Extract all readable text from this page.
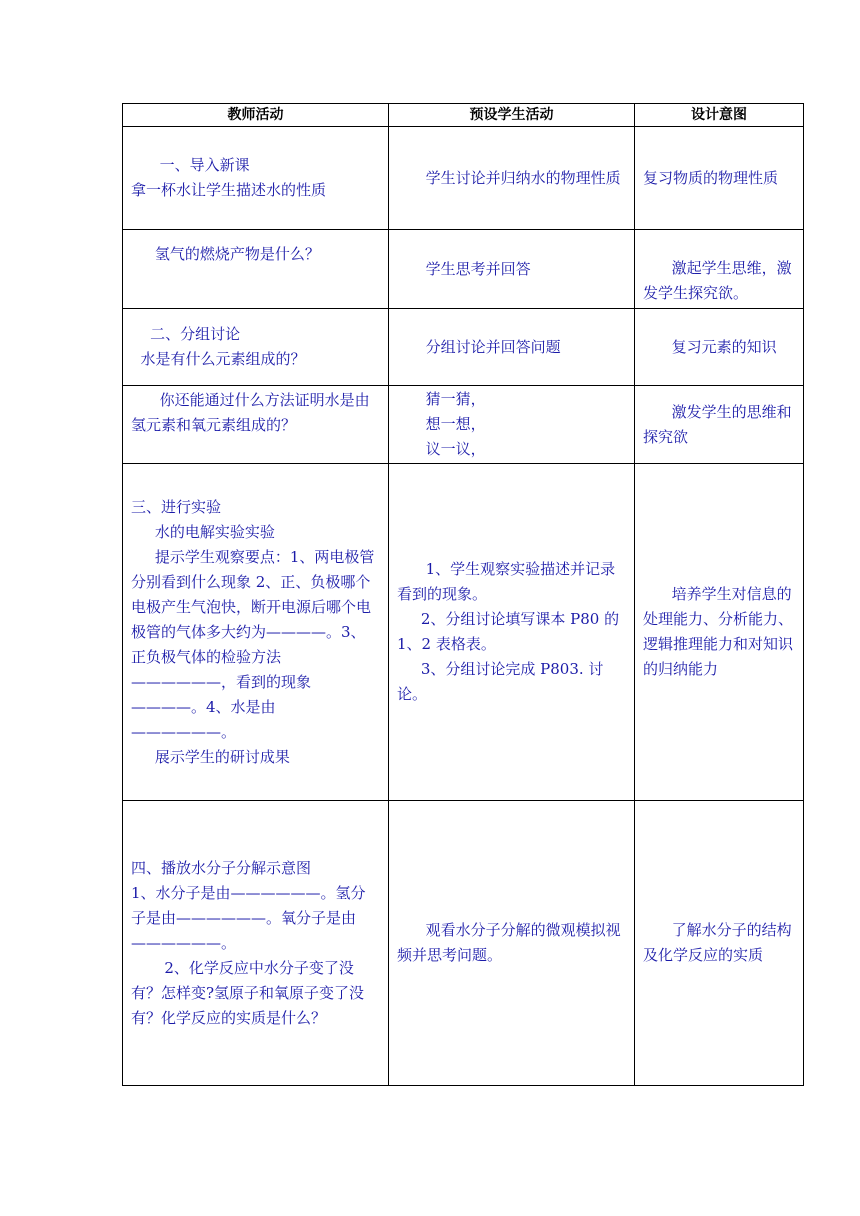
教师活动	预设学生活动	设计意图

一、导入新课
拿一杯水让学生描述水的性质	学生讨论并归纳水的物理性质	复习物质的物理性质

氢气的燃烧产物是什么？	学生思考并回答	激起学生思维，激发学生探究欲。

二、分组讨论
水是有什么元素组成的？	分组讨论并回答问题	复习元素的知识

你还能通过什么方法证明水是由氢元素和氧元素组成的？	猜一猜，
想一想，
议一议，	激发学生的思维和探究欲

三、进行实验
水的电解实验实验
提示学生观察要点：1、两电极管分别看到什么现象 2、正、负极哪个电极产生气泡快，断开电源后哪个电极管的气体多大约为————。3、正负极气体的检验方法——————，看到的现象————。4、水是由——————。
展示学生的研讨成果	1、学生观察实验描述并记录看到的现象。
2、分组讨论填写课本 P80 的 1、2 表格表。
3、分组讨论完成 P803. 讨论。	培养学生对信息的处理能力、分析能力、逻辑推理能力和对知识的归纳能力

四、播放水分子分解示意图
1、水分子是由——————。氢分子是由——————。氧分子是由——————。
2、化学反应中水分子变了没有？怎样变?氢原子和氧原子变了没有？化学反应的实质是什么？	观看水分子分解的微观模拟视频并思考问题。	了解水分子的结构及化学反应的实质
